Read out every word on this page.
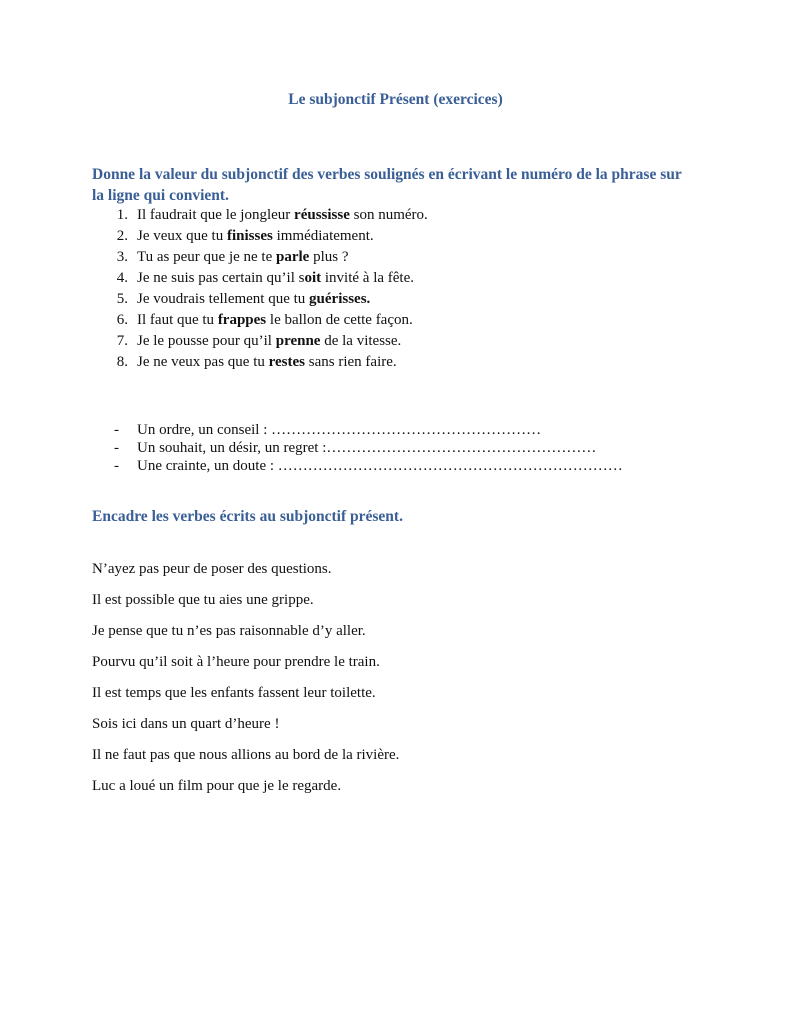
Le subjonctif Présent (exercices)
Donne la valeur du subjonctif des verbes soulignés en écrivant le numéro de la phrase sur la ligne qui convient.
1. Il faudrait que le jongleur réussisse son numéro.
2. Je veux que tu finisses immédiatement.
3. Tu as peur que je ne te parle plus ?
4. Je ne suis pas certain qu’il soit invité à la fête.
5. Je voudrais tellement que tu guérisses.
6. Il faut que tu frappes le ballon de cette façon.
7. Je le pousse pour qu’il prenne de la vitesse.
8. Je ne veux pas que tu restes sans rien faire.
- Un ordre, un conseil : ………………………………………………
- Un souhait, un désir, un regret :………………………………………………
- Une crainte, un doute : ……………………………………………………………
Encadre les verbes écrits au subjonctif présent.
N’ayez pas peur de poser des questions.
Il est possible que tu aies une grippe.
Je pense que tu n’es pas raisonnable d’y aller.
Pourvu qu’il soit à l’heure pour prendre le train.
Il est temps que les enfants fassent leur toilette.
Sois ici dans un quart d’heure !
Il ne faut pas que nous allions au bord de la rivière.
Luc a loué un film pour que je le regarde.
